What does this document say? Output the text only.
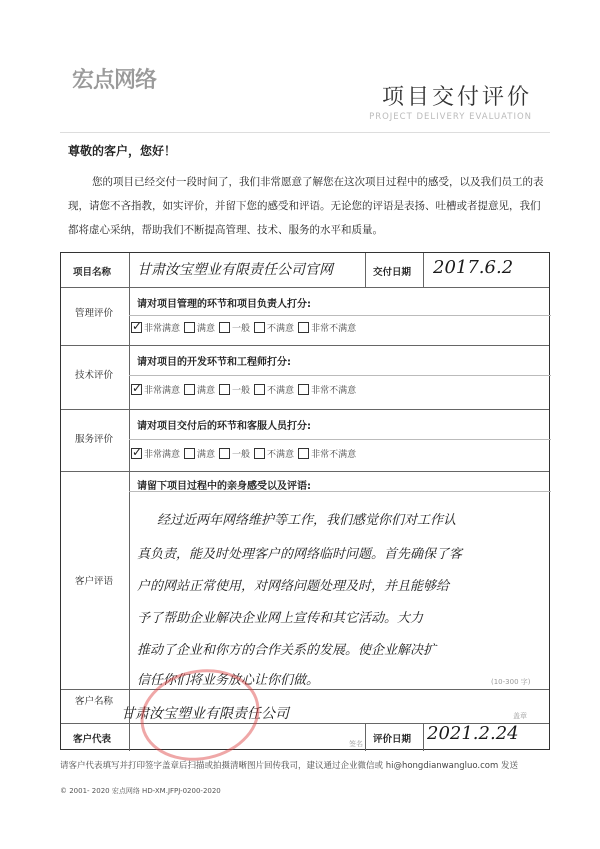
宏点网络
项目交付评价
PROJECT DELIVERY EVALUATION
尊敬的客户，您好！
您的项目已经交付一段时间了，我们非常愿意了解您在这次项目过程中的感受，以及我们员工的表现，请您不吝指教，如实评价，并留下您的感受和评语。无论您的评语是表扬、吐槽或者提意见，我们都将虚心采纳，帮助我们不断提高管理、技术、服务的水平和质量。
项目名称 甘肃汝宝塑业有限责任公司官网	交付日期 2017.6.2
管理评价
请对项目管理的环节和项目负责人打分:
✓ 非常满意 满意 一般 不满意 非常不满意
技术评价
请对项目的开发环节和工程师打分:
✓ 非常满意 满意 一般 不满意 非常不满意
服务评价
请对项目交付后的环节和客服人员打分:
✓ 非常满意 满意 一般 不满意 非常不满意
客户评语
请留下项目过程中的亲身感受以及评语:
经过近两年网络维护等工作，我们感觉你们对工作认
真负责，能及时处理客户的网络临时问题。首先确保了客
户的网站正常使用，对网络问题处理及时，并且能够给
予了帮助企业解决企业网上宣传和其它活动。大力
推动了企业和你方的合作关系的发展。使企业解决扩
信任你们将业务放心让你们做。	(10-300 字)
客户名称
甘肃汝宝塑业有限责任公司	盖章
客户代表	签名 评价日期 2021.2.24
请客户代表填写并打印签字盖章后扫描或拍摄清晰图片回传我司，建议通过企业微信或 hi@hongdianwangluo.com 发送
© 2001- 2020 宏点网络 HD-XM.JFPJ-0200-2020
